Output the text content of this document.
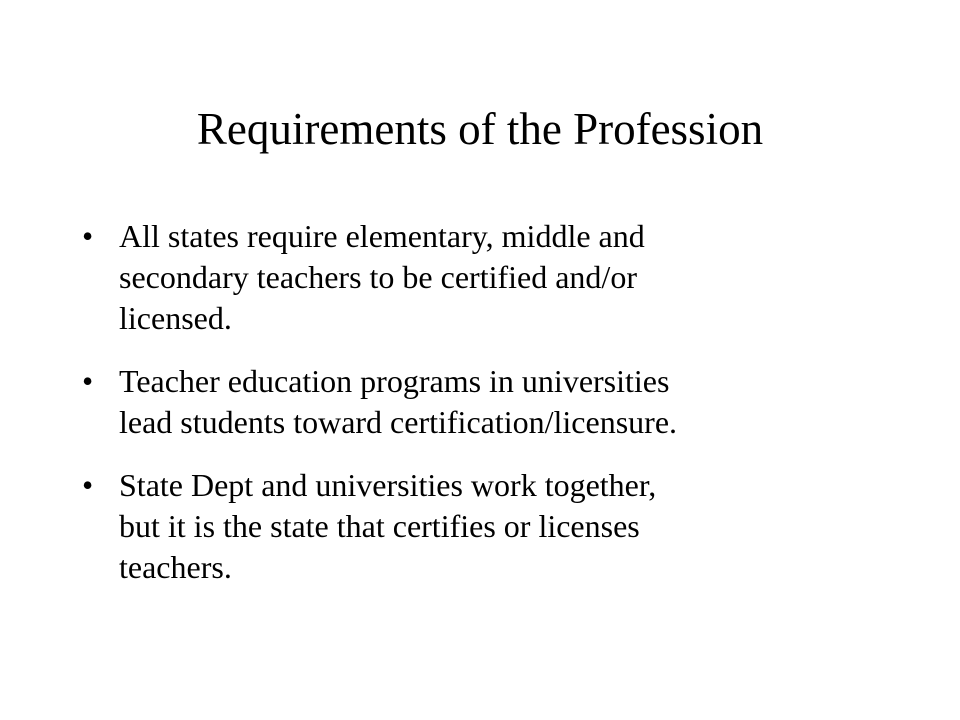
Requirements of the Profession
• All states require elementary, middle and
secondary teachers to be certified and/or
licensed.
• Teacher education programs in universities
lead students toward certification/licensure.
• State Dept and universities work together,
but it is the state that certifies or licenses
teachers.
